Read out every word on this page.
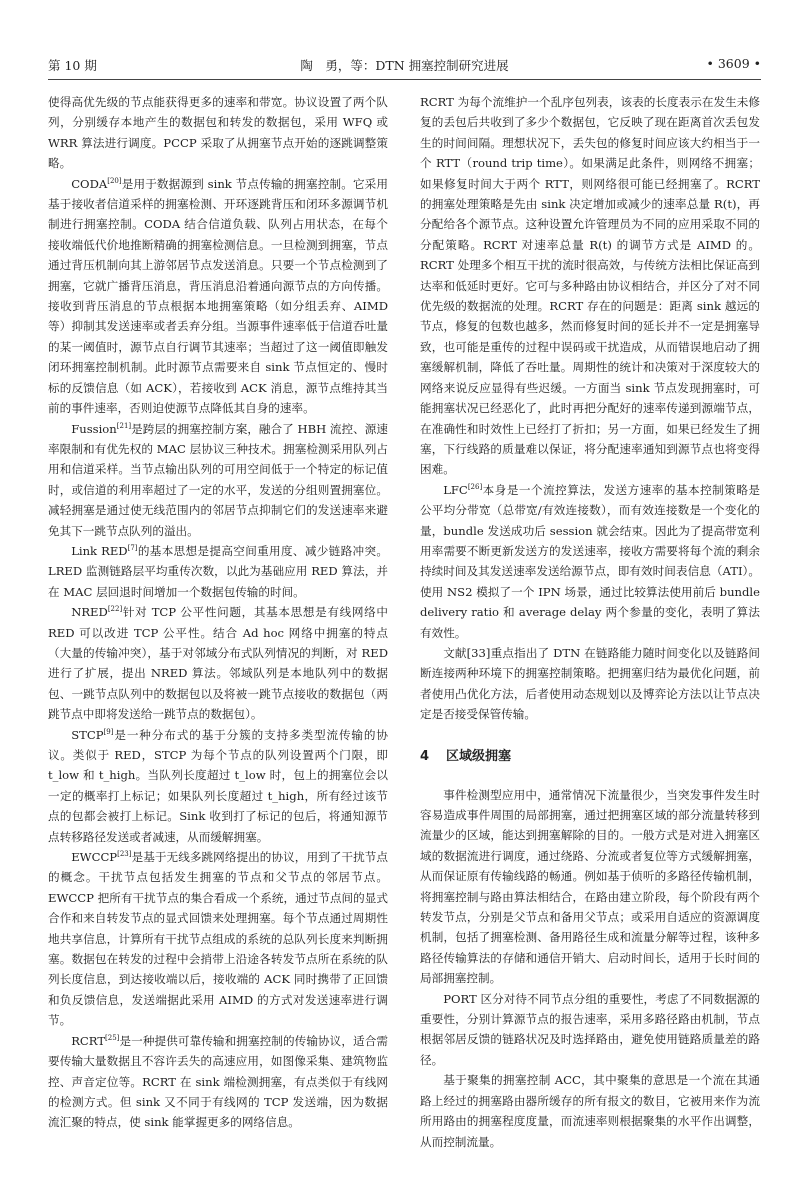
第 10 期	陶　勇，等：DTN 拥塞控制研究进展	• 3609 •

使得高优先级的节点能获得更多的速率和带宽。协议设置了两个队列，分别缓存本地产生的数据包和转发的数据包，采用 WFQ 或 WRR 算法进行调度。PCCP 采取了从拥塞节点开始的逐跳调整策略。

CODA[20]是用于数据源到 sink 节点传输的拥塞控制。它采用基于接收者信道采样的拥塞检测、开环逐跳背压和闭环多源调节机制进行拥塞控制。CODA 结合信道负载、队列占用状态，在每个接收端低代价地推断精确的拥塞检测信息。一旦检测到拥塞，节点通过背压机制向其上游邻居节点发送消息。只要一个节点检测到了拥塞，它就广播背压消息，背压消息沿着通向源节点的方向传播。接收到背压消息的节点根据本地拥塞策略（如分组丢弃、AIMD 等）抑制其发送速率或者丢弃分组。当源事件速率低于信道吞吐量的某一阈值时，源节点自行调节其速率；当超过了这一阈值即触发闭环拥塞控制机制。此时源节点需要来自 sink 节点恒定的、慢时标的反馈信息（如 ACK），若接收到 ACK 消息，源节点维持其当前的事件速率，否则迫使源节点降低其自身的速率。

Fussion[21]是跨层的拥塞控制方案，融合了 HBH 流控、源速率限制和有优先权的 MAC 层协议三种技术。拥塞检测采用队列占用和信道采样。当节点输出队列的可用空间低于一个特定的标记值时，或信道的利用率超过了一定的水平，发送的分组则置拥塞位。减轻拥塞是通过使无线范围内的邻居节点抑制它们的发送速率来避免其下一跳节点队列的溢出。

Link RED[7]的基本思想是提高空间重用度、减少链路冲突。LRED 监测链路层平均重传次数，以此为基础应用 RED 算法，并在 MAC 层回退时间增加一个数据包传输的时间。

NRED[22]针对 TCP 公平性问题，其基本思想是有线网络中 RED 可以改进 TCP 公平性。结合 Ad hoc 网络中拥塞的特点（大量的传输冲突），基于对邻域分布式队列情况的判断，对 RED 进行了扩展，提出 NRED 算法。邻域队列是本地队列中的数据包、一跳节点队列中的数据包以及将被一跳节点接收的数据包（两跳节点中即将发送给一跳节点的数据包）。

STCP[9]是一种分布式的基于分簇的支持多类型流传输的协议。类似于 RED，STCP 为每个节点的队列设置两个门限，即 t_low 和 t_high。当队列长度超过 t_low 时，包上的拥塞位会以一定的概率打上标记；如果队列长度超过 t_high，所有经过该节点的包都会被打上标记。Sink 收到打了标记的包后，将通知源节点转移路径发送或者减速，从而缓解拥塞。

EWCCP[23]是基于无线多跳网络提出的协议，用到了干扰节点的概念。干扰节点包括发生拥塞的节点和父节点的邻居节点。EWCCP 把所有干扰节点的集合看成一个系统，通过节点间的显式合作和来自转发节点的显式回馈来处理拥塞。每个节点通过周期性地共享信息，计算所有干扰节点组成的系统的总队列长度来判断拥塞。数据包在转发的过程中会捎带上沿途各转发节点所在系统的队列长度信息，到达接收端以后，接收端的 ACK 同时携带了正回馈和负反馈信息，发送端据此采用 AIMD 的方式对发送速率进行调节。

RCRT[25]是一种提供可靠传输和拥塞控制的传输协议，适合需要传输大量数据且不容许丢失的高速应用，如图像采集、建筑物监控、声音定位等。RCRT 在 sink 端检测拥塞，有点类似于有线网的检测方式。但 sink 又不同于有线网的 TCP 发送端，因为数据流汇聚的特点，使 sink 能掌握更多的网络信息。

RCRT 为每个流维护一个乱序包列表，该表的长度表示在发生未修复的丢包后共收到了多少个数据包，它反映了现在距离首次丢包发生的时间间隔。理想状况下，丢失包的修复时间应该大约相当于一个 RTT（round trip time）。如果满足此条件，则网络不拥塞；如果修复时间大于两个 RTT，则网络很可能已经拥塞了。RCRT 的拥塞处理策略是先由 sink 决定增加或减少的速率总量 R(t)，再分配给各个源节点。这种设置允许管理员为不同的应用采取不同的分配策略。RCRT 对速率总量 R(t) 的调节方式是 AIMD 的。RCRT 处理多个相互干扰的流时很高效，与传统方法相比保证高到达率和低延时更好。它可与多种路由协议相结合，并区分了对不同优先级的数据流的处理。RCRT 存在的问题是：距离 sink 越远的节点，修复的包数也越多，然而修复时间的延长并不一定是拥塞导致，也可能是重传的过程中误码或干扰造成，从而错误地启动了拥塞缓解机制，降低了吞吐量。周期性的统计和决策对于深度较大的网络来说反应显得有些迟缓。一方面当 sink 节点发现拥塞时，可能拥塞状况已经恶化了，此时再把分配好的速率传递到源端节点，在准确性和时效性上已经打了折扣；另一方面，如果已经发生了拥塞，下行线路的质量难以保证，将分配速率通知到源节点也将变得困难。

LFC[26]本身是一个流控算法，发送方速率的基本控制策略是公平均分带宽（总带宽/有效连接数），而有效连接数是一个变化的量，bundle 发送成功后 session 就会结束。因此为了提高带宽利用率需要不断更新发送方的发送速率，接收方需要将每个流的剩余持续时间及其发送速率发送给源节点，即有效时间表信息（ATI）。使用 NS2 模拟了一个 IPN 场景，通过比较算法使用前后 bundle delivery ratio 和 average delay 两个参量的变化，表明了算法有效性。

文献[33]重点指出了 DTN 在链路能力随时间变化以及链路间断连接两种环境下的拥塞控制策略。把拥塞归结为最优化问题，前者使用凸优化方法，后者使用动态规划以及博弈论方法以让节点决定是否接受保管传输。

4 区域级拥塞

事件检测型应用中，通常情况下流量很少，当突发事件发生时容易造成事件周围的局部拥塞，通过把拥塞区域的部分流量转移到流量少的区域，能达到拥塞解除的目的。一般方式是对进入拥塞区域的数据流进行调度，通过绕路、分流或者复位等方式缓解拥塞，从而保证原有传输线路的畅通。例如基于侦听的多路径传输机制，将拥塞控制与路由算法相结合，在路由建立阶段，每个阶段有两个转发节点，分别是父节点和备用父节点；或采用自适应的资源调度机制，包括了拥塞检测、备用路径生成和流量分解等过程，该种多路径传输算法的存储和通信开销大、启动时间长，适用于长时间的局部拥塞控制。

PORT 区分对待不同节点分组的重要性，考虑了不同数据源的重要性，分别计算源节点的报告速率，采用多路径路由机制，节点根据邻居反馈的链路状况及时选择路由，避免使用链路质量差的路径。

基于聚集的拥塞控制 ACC，其中聚集的意思是一个流在其通路上经过的拥塞路由器所缓存的所有报文的数目，它被用来作为流所用路由的拥塞程度度量，而流速率则根据聚集的水平作出调整，从而控制流量。
